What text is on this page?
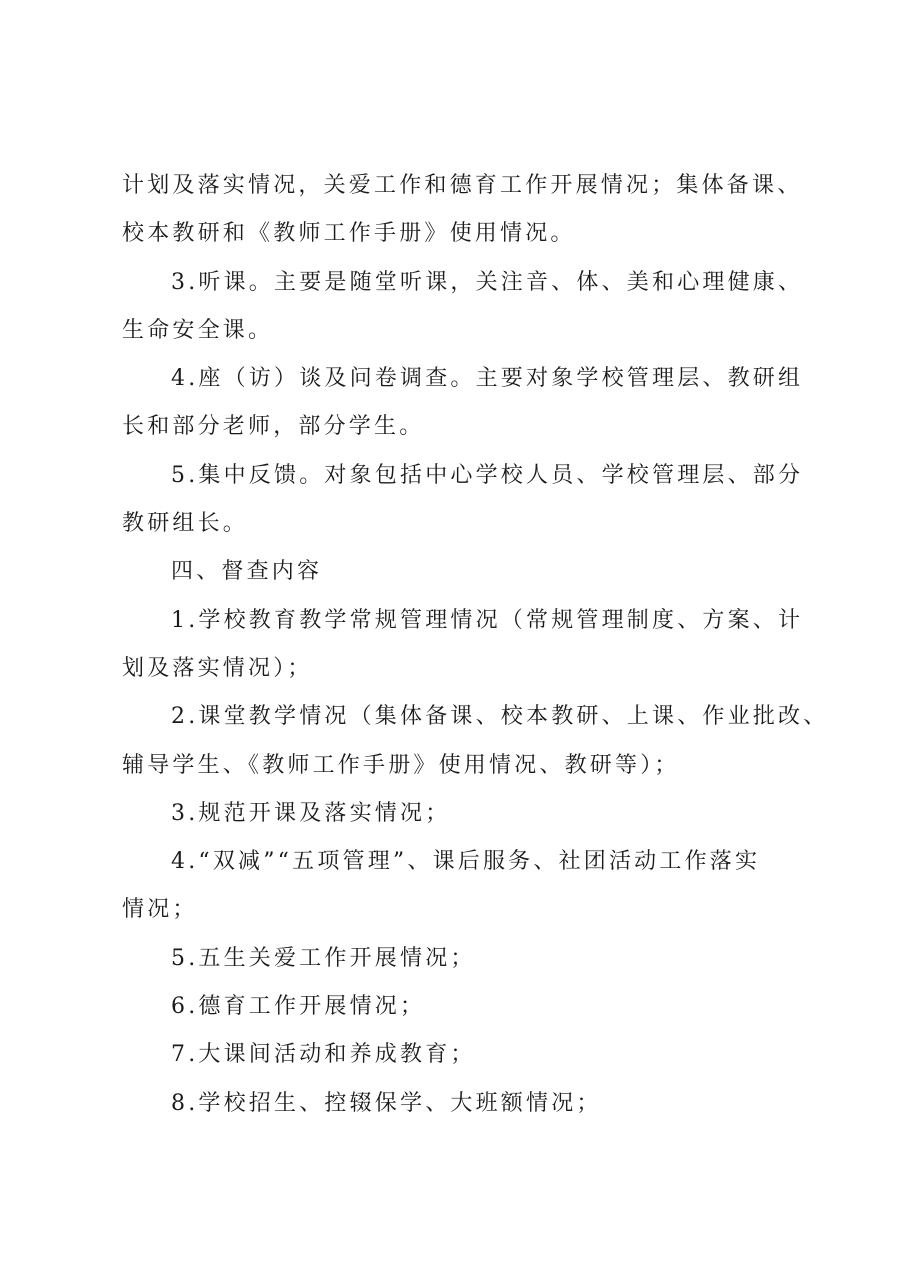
计划及落实情况，关爱工作和德育工作开展情况；集体备课、
校本教研和《教师工作手册》使用情况。
3.听课。主要是随堂听课，关注音、体、美和心理健康、
生命安全课。
4.座（访）谈及问卷调查。主要对象学校管理层、教研组
长和部分老师，部分学生。
5.集中反馈。对象包括中心学校人员、学校管理层、部分
教研组长。
四、督查内容
1.学校教育教学常规管理情况（常规管理制度、方案、计
划及落实情况）；
2.课堂教学情况（集体备课、校本教研、上课、作业批改、
辅导学生、《教师工作手册》使用情况、教研等）；
3.规范开课及落实情况；
4.“双减”“五项管理”、课后服务、社团活动工作落实
情况；
5.五生关爱工作开展情况；
6.德育工作开展情况；
7.大课间活动和养成教育；
8.学校招生、控辍保学、大班额情况；
